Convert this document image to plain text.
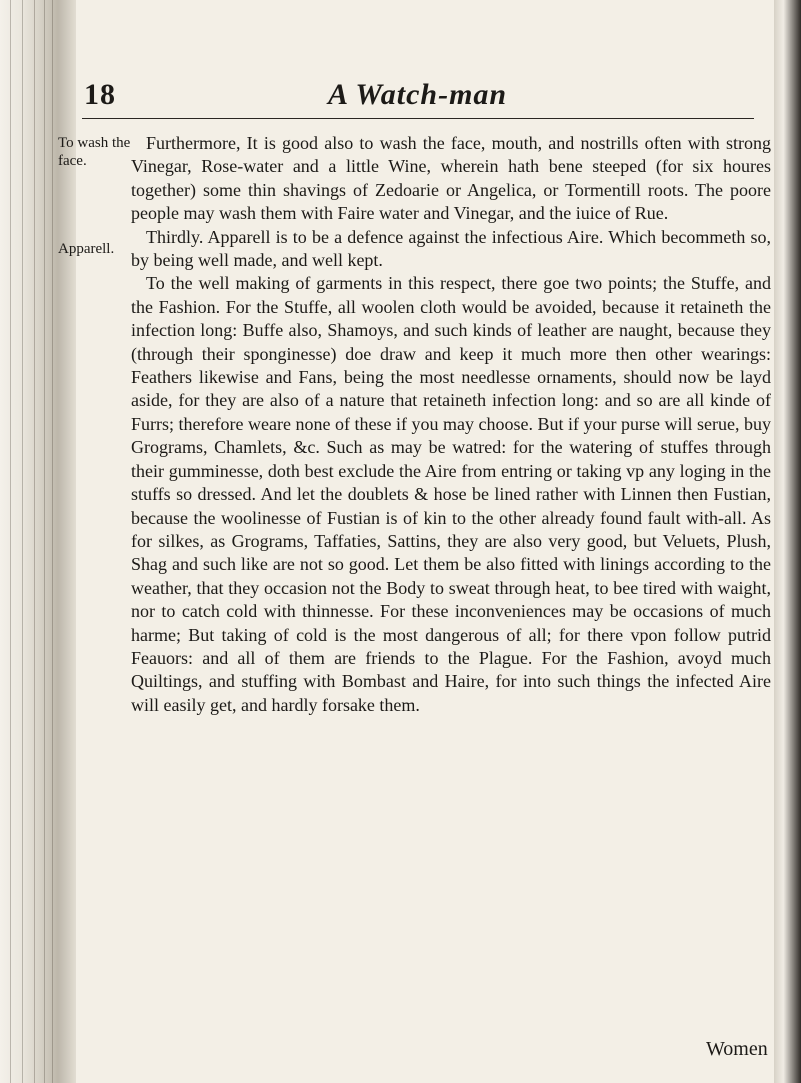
18	A Watch-man
To wash the
face.
Apparell.

Furthermore, It is good also to wash the face, mouth, and nostrills often with strong Vinegar, Rose-water and a little Wine, wherein hath bene steeped (for six houres together) some thin shavings of Zedoarie or Angelica, or Tormentill roots. The poore people may wash them with Faire water and Vinegar, and the iuice of Rue.

Thirdly. Apparell is to be a defence against the infectious Aire. Which becommeth so, by being well made, and well kept.

To the well making of garments in this respect, there goe two points; the Stuffe, and the Fashion. For the Stuffe, all woolen cloth would be avoided, because it retaineth the infection long: Buffe also, Shamoys, and such kinds of leather are naught, because they (through their sponginesse) doe draw and keep it much more then other wearings: Feathers likewise and Fans, being the most needlesse ornaments, should now be layd aside, for they are also of a nature that retaineth infection long: and so are all kinde of Furrs; therefore weare none of these if you may choose. But if your purse will serue, buy Grograms, Chamlets, &c. Such as may be watred: for the watering of stuffes through their gumminesse, doth best exclude the Aire from entring or taking vp any loging in the stuffs so dressed. And let the doublets & hose be lined rather with Linnen then Fustian, because the woolinesse of Fustian is of kin to the other already found fault with-all. As for silkes, as Grograms, Taffaties, Sattins, they are also very good, but Veluets, Plush, Shag and such like are not so good. Let them be also fitted with linings according to the weather, that they occasion not the Body to sweat through heat, to bee tired with waight, nor to catch cold with thinnesse. For these inconveniences may be occasions of much harme; But taking of cold is the most dangerous of all; for there vpon follow putrid Feauors: and all of them are friends to the Plague. For the Fashion, avoyd much Quiltings, and stuffing with Bombast and Haire, for into such things the infected Aire will easily get, and hardly forsake them.

Women
